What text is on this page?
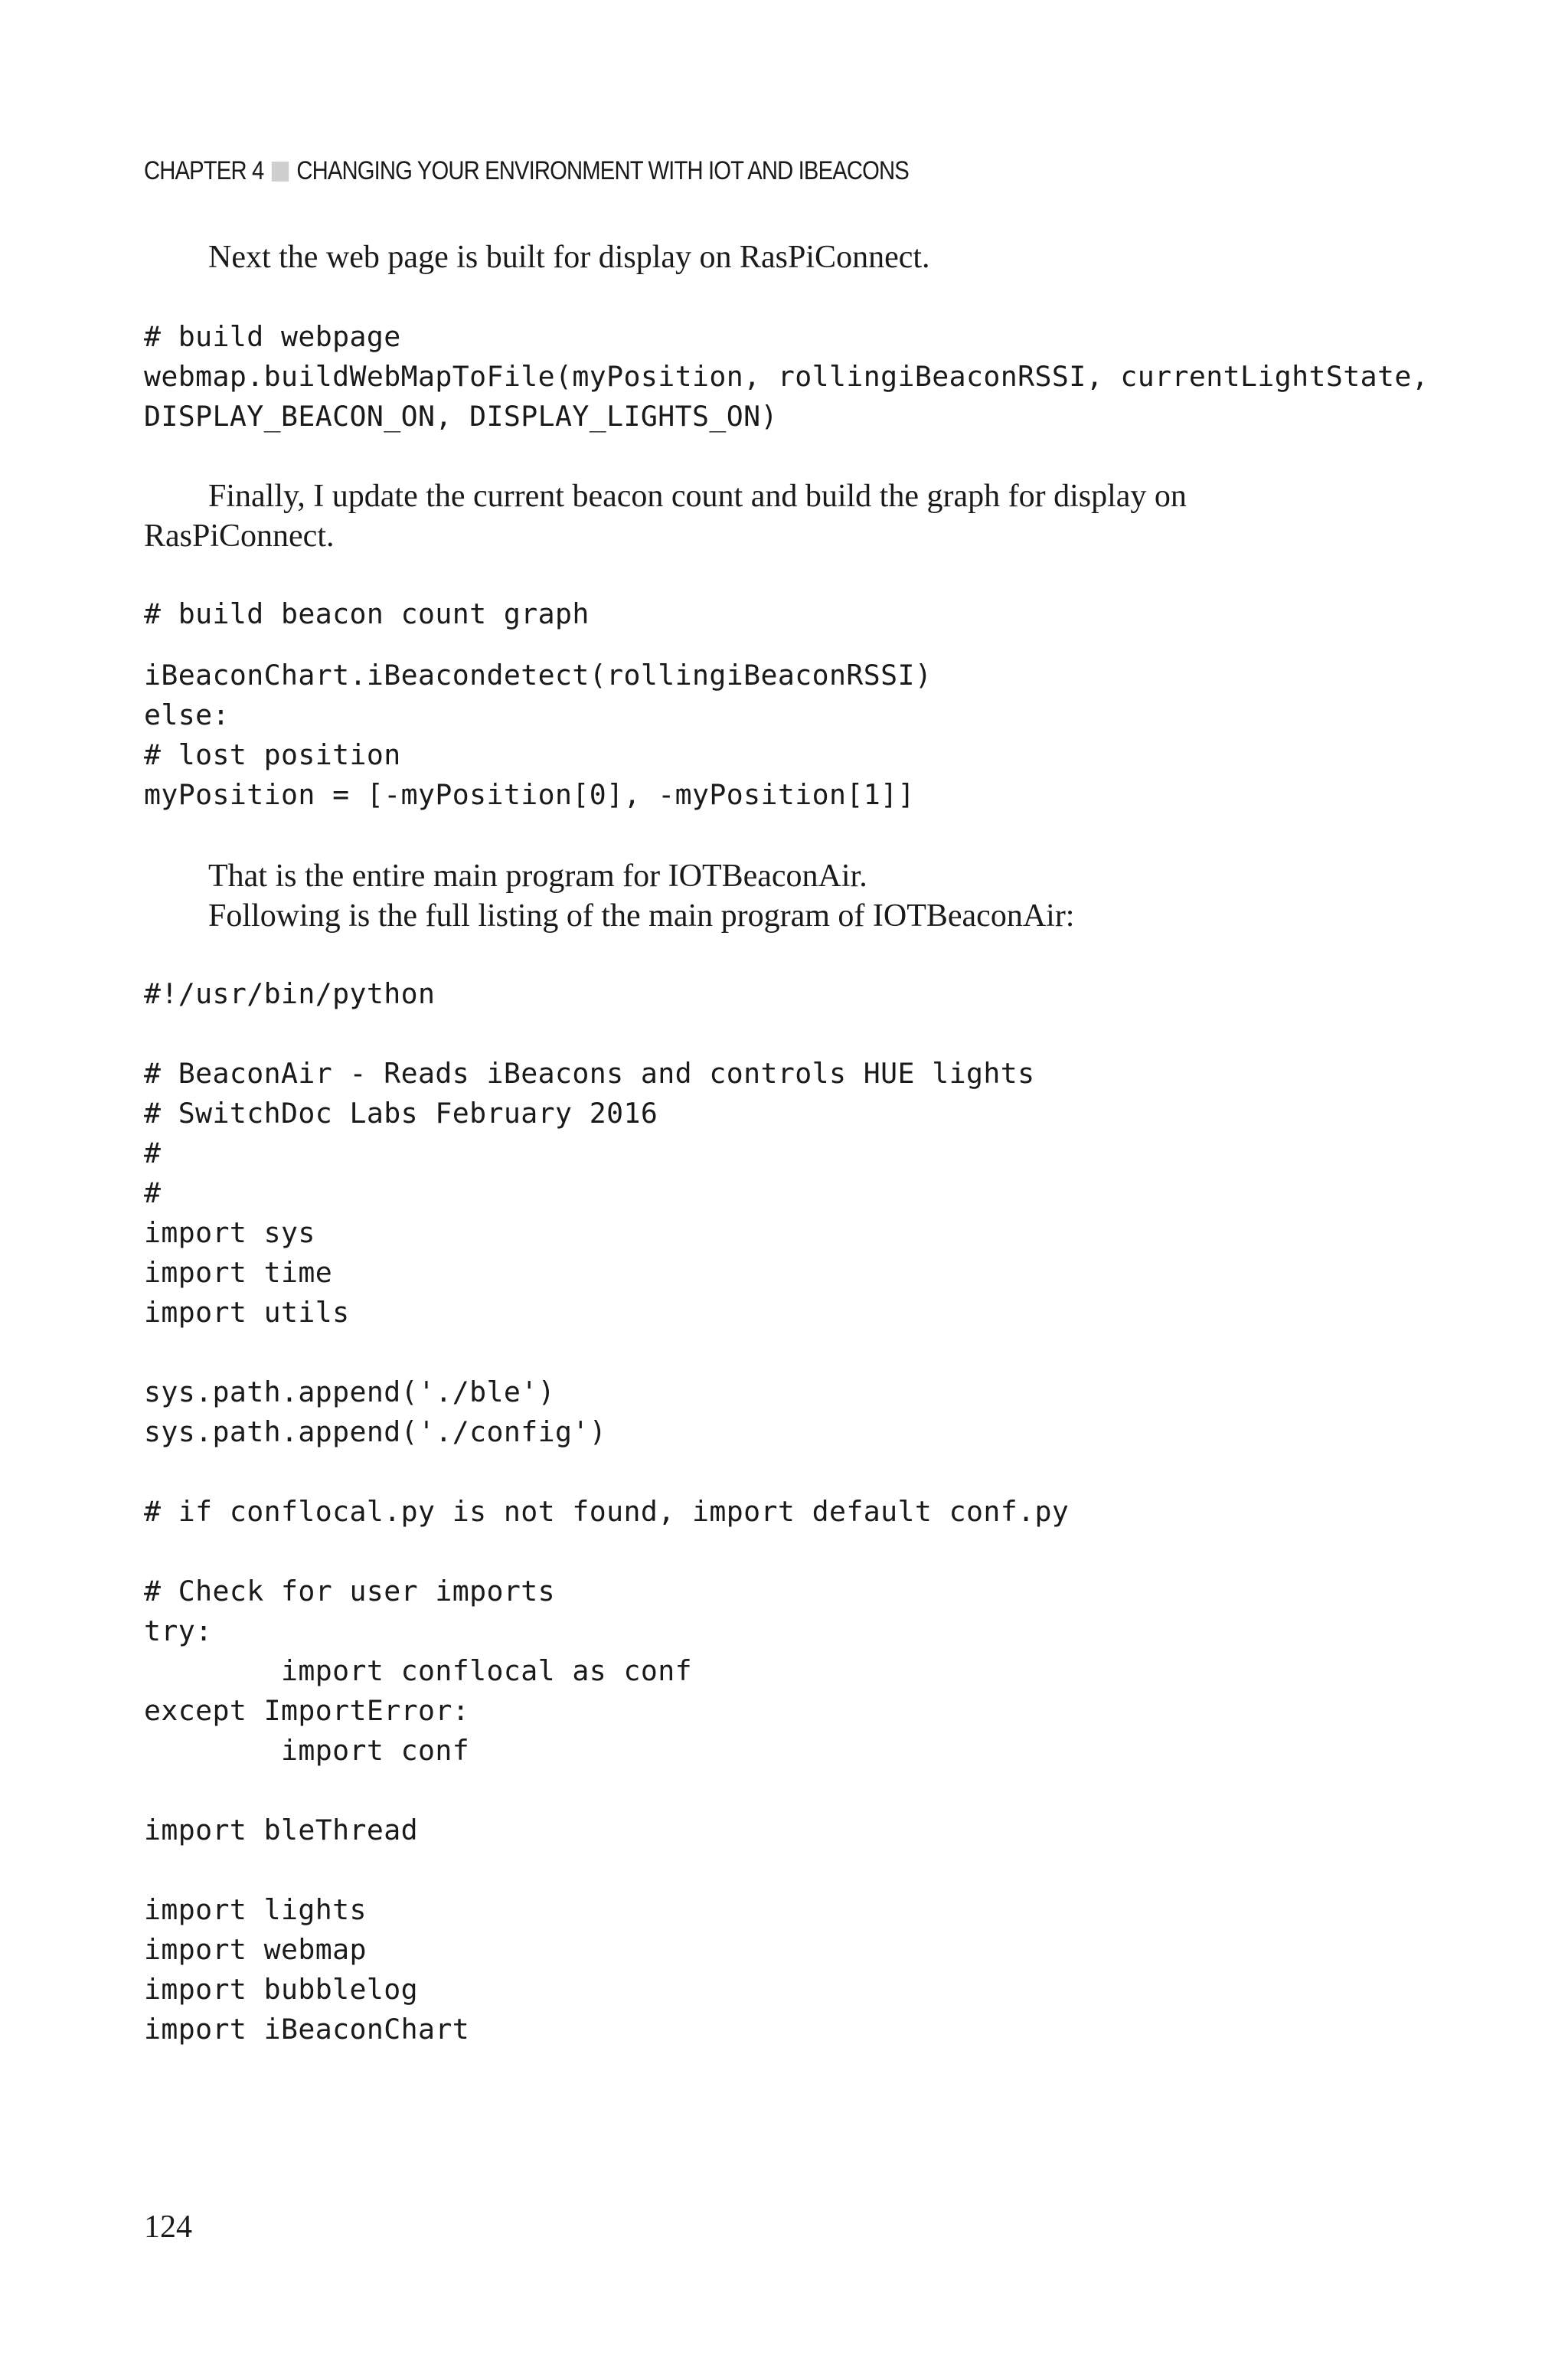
CHAPTER 4 CHANGING YOUR ENVIRONMENT WITH IOT AND IBEACONS
Next the web page is built for display on RasPiConnect.
# build webpage
webmap.buildWebMapToFile(myPosition, rollingiBeaconRSSI, currentLightState,
DISPLAY_BEACON_ON, DISPLAY_LIGHTS_ON)
Finally, I update the current beacon count and build the graph for display on
RasPiConnect.
# build beacon count graph
iBeaconChart.iBeacondetect(rollingiBeaconRSSI)
else:
# lost position
myPosition = [-myPosition[0], -myPosition[1]]
That is the entire main program for IOTBeaconAir.
Following is the full listing of the main program of IOTBeaconAir:
#!/usr/bin/python
# BeaconAir - Reads iBeacons and controls HUE lights
# SwitchDoc Labs February 2016
#
#
import sys
import time
import utils
sys.path.append('./ble')
sys.path.append('./config')
# if conflocal.py is not found, import default conf.py
# Check for user imports
try:
import conflocal as conf
except ImportError:
import conf
import bleThread
import lights
import webmap
import bubblelog
import iBeaconChart
124
